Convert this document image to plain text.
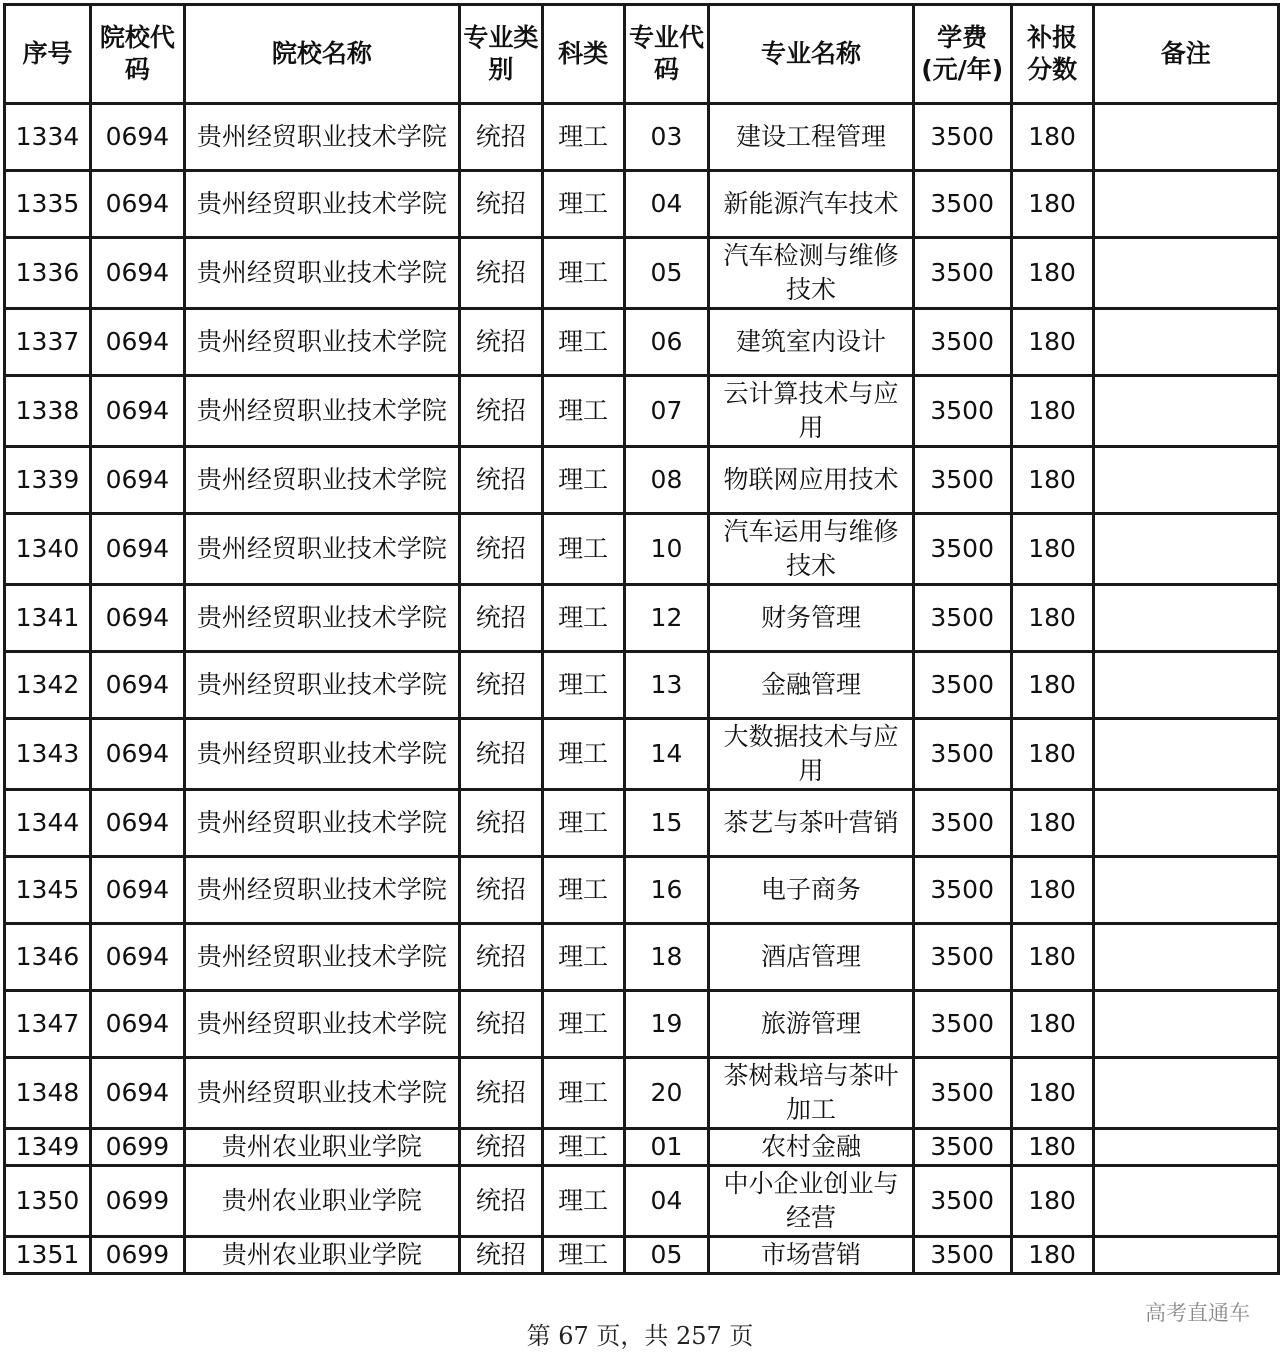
序号	院校代码	院校名称	专业类别	科类	专业代码	专业名称	学费(元/年)	补报分数	备注
1334	0694	贵州经贸职业技术学院	统招	理工	03	建设工程管理	3500	180	
1335	0694	贵州经贸职业技术学院	统招	理工	04	新能源汽车技术	3500	180	
1336	0694	贵州经贸职业技术学院	统招	理工	05	汽车检测与维修技术	3500	180	
1337	0694	贵州经贸职业技术学院	统招	理工	06	建筑室内设计	3500	180	
1338	0694	贵州经贸职业技术学院	统招	理工	07	云计算技术与应用	3500	180	
1339	0694	贵州经贸职业技术学院	统招	理工	08	物联网应用技术	3500	180	
1340	0694	贵州经贸职业技术学院	统招	理工	10	汽车运用与维修技术	3500	180	
1341	0694	贵州经贸职业技术学院	统招	理工	12	财务管理	3500	180	
1342	0694	贵州经贸职业技术学院	统招	理工	13	金融管理	3500	180	
1343	0694	贵州经贸职业技术学院	统招	理工	14	大数据技术与应用	3500	180	
1344	0694	贵州经贸职业技术学院	统招	理工	15	茶艺与茶叶营销	3500	180	
1345	0694	贵州经贸职业技术学院	统招	理工	16	电子商务	3500	180	
1346	0694	贵州经贸职业技术学院	统招	理工	18	酒店管理	3500	180	
1347	0694	贵州经贸职业技术学院	统招	理工	19	旅游管理	3500	180	
1348	0694	贵州经贸职业技术学院	统招	理工	20	茶树栽培与茶叶加工	3500	180	
1349	0699	贵州农业职业学院	统招	理工	01	农村金融	3500	180	
1350	0699	贵州农业职业学院	统招	理工	04	中小企业创业与经营	3500	180	
1351	0699	贵州农业职业学院	统招	理工	05	市场营销	3500	180	
第 67 页，共 257 页
高考直通车
